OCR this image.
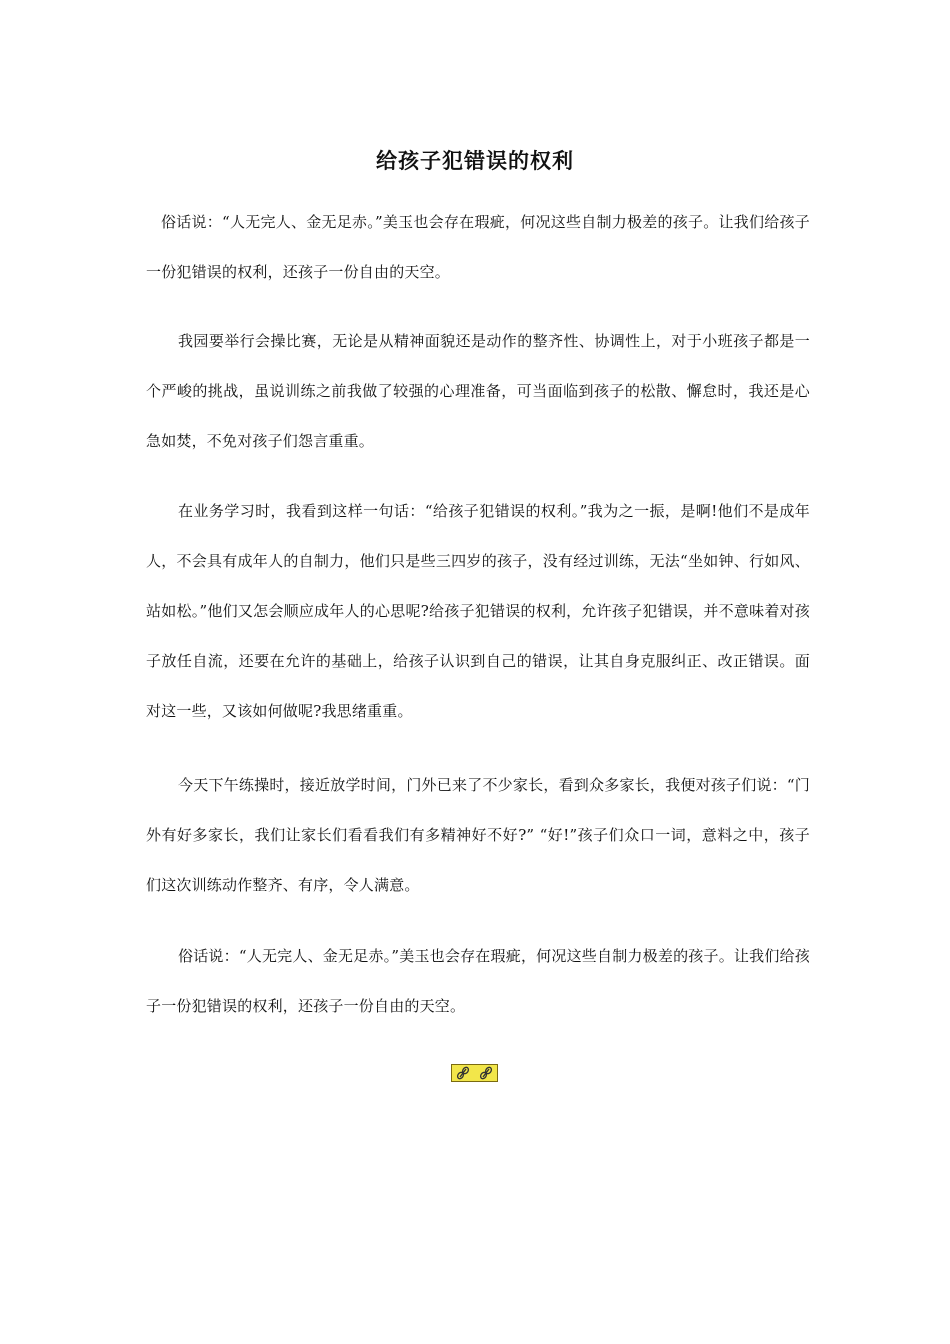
给孩子犯错误的权利

俗话说：“人无完人、金无足赤。”美玉也会存在瑕疵，何况这些自制力极差的孩子。让我们给孩子一份犯错误的权利，还孩子一份自由的天空。

我园要举行会操比赛，无论是从精神面貌还是动作的整齐性、协调性上，对于小班孩子都是一个严峻的挑战，虽说训练之前我做了较强的心理准备，可当面临到孩子的松散、懈怠时，我还是心急如焚，不免对孩子们怨言重重。

在业务学习时，我看到这样一句话：“给孩子犯错误的权利。”我为之一振，是啊!他们不是成年人，不会具有成年人的自制力，他们只是些三四岁的孩子，没有经过训练，无法“坐如钟、行如风、站如松。”他们又怎会顺应成年人的心思呢?给孩子犯错误的权利，允许孩子犯错误，并不意味着对孩子放任自流，还要在允许的基础上，给孩子认识到自己的错误，让其自身克服纠正、改正错误。面对这一些，又该如何做呢?我思绪重重。

今天下午练操时，接近放学时间，门外已来了不少家长，看到众多家长，我便对孩子们说：“门外有好多家长，我们让家长们看看我们有多精神好不好?” “好!”孩子们众口一词，意料之中，孩子们这次训练动作整齐、有序，令人满意。

俗话说：“人无完人、金无足赤。”美玉也会存在瑕疵，何况这些自制力极差的孩子。让我们给孩子一份犯错误的权利，还孩子一份自由的天空。
